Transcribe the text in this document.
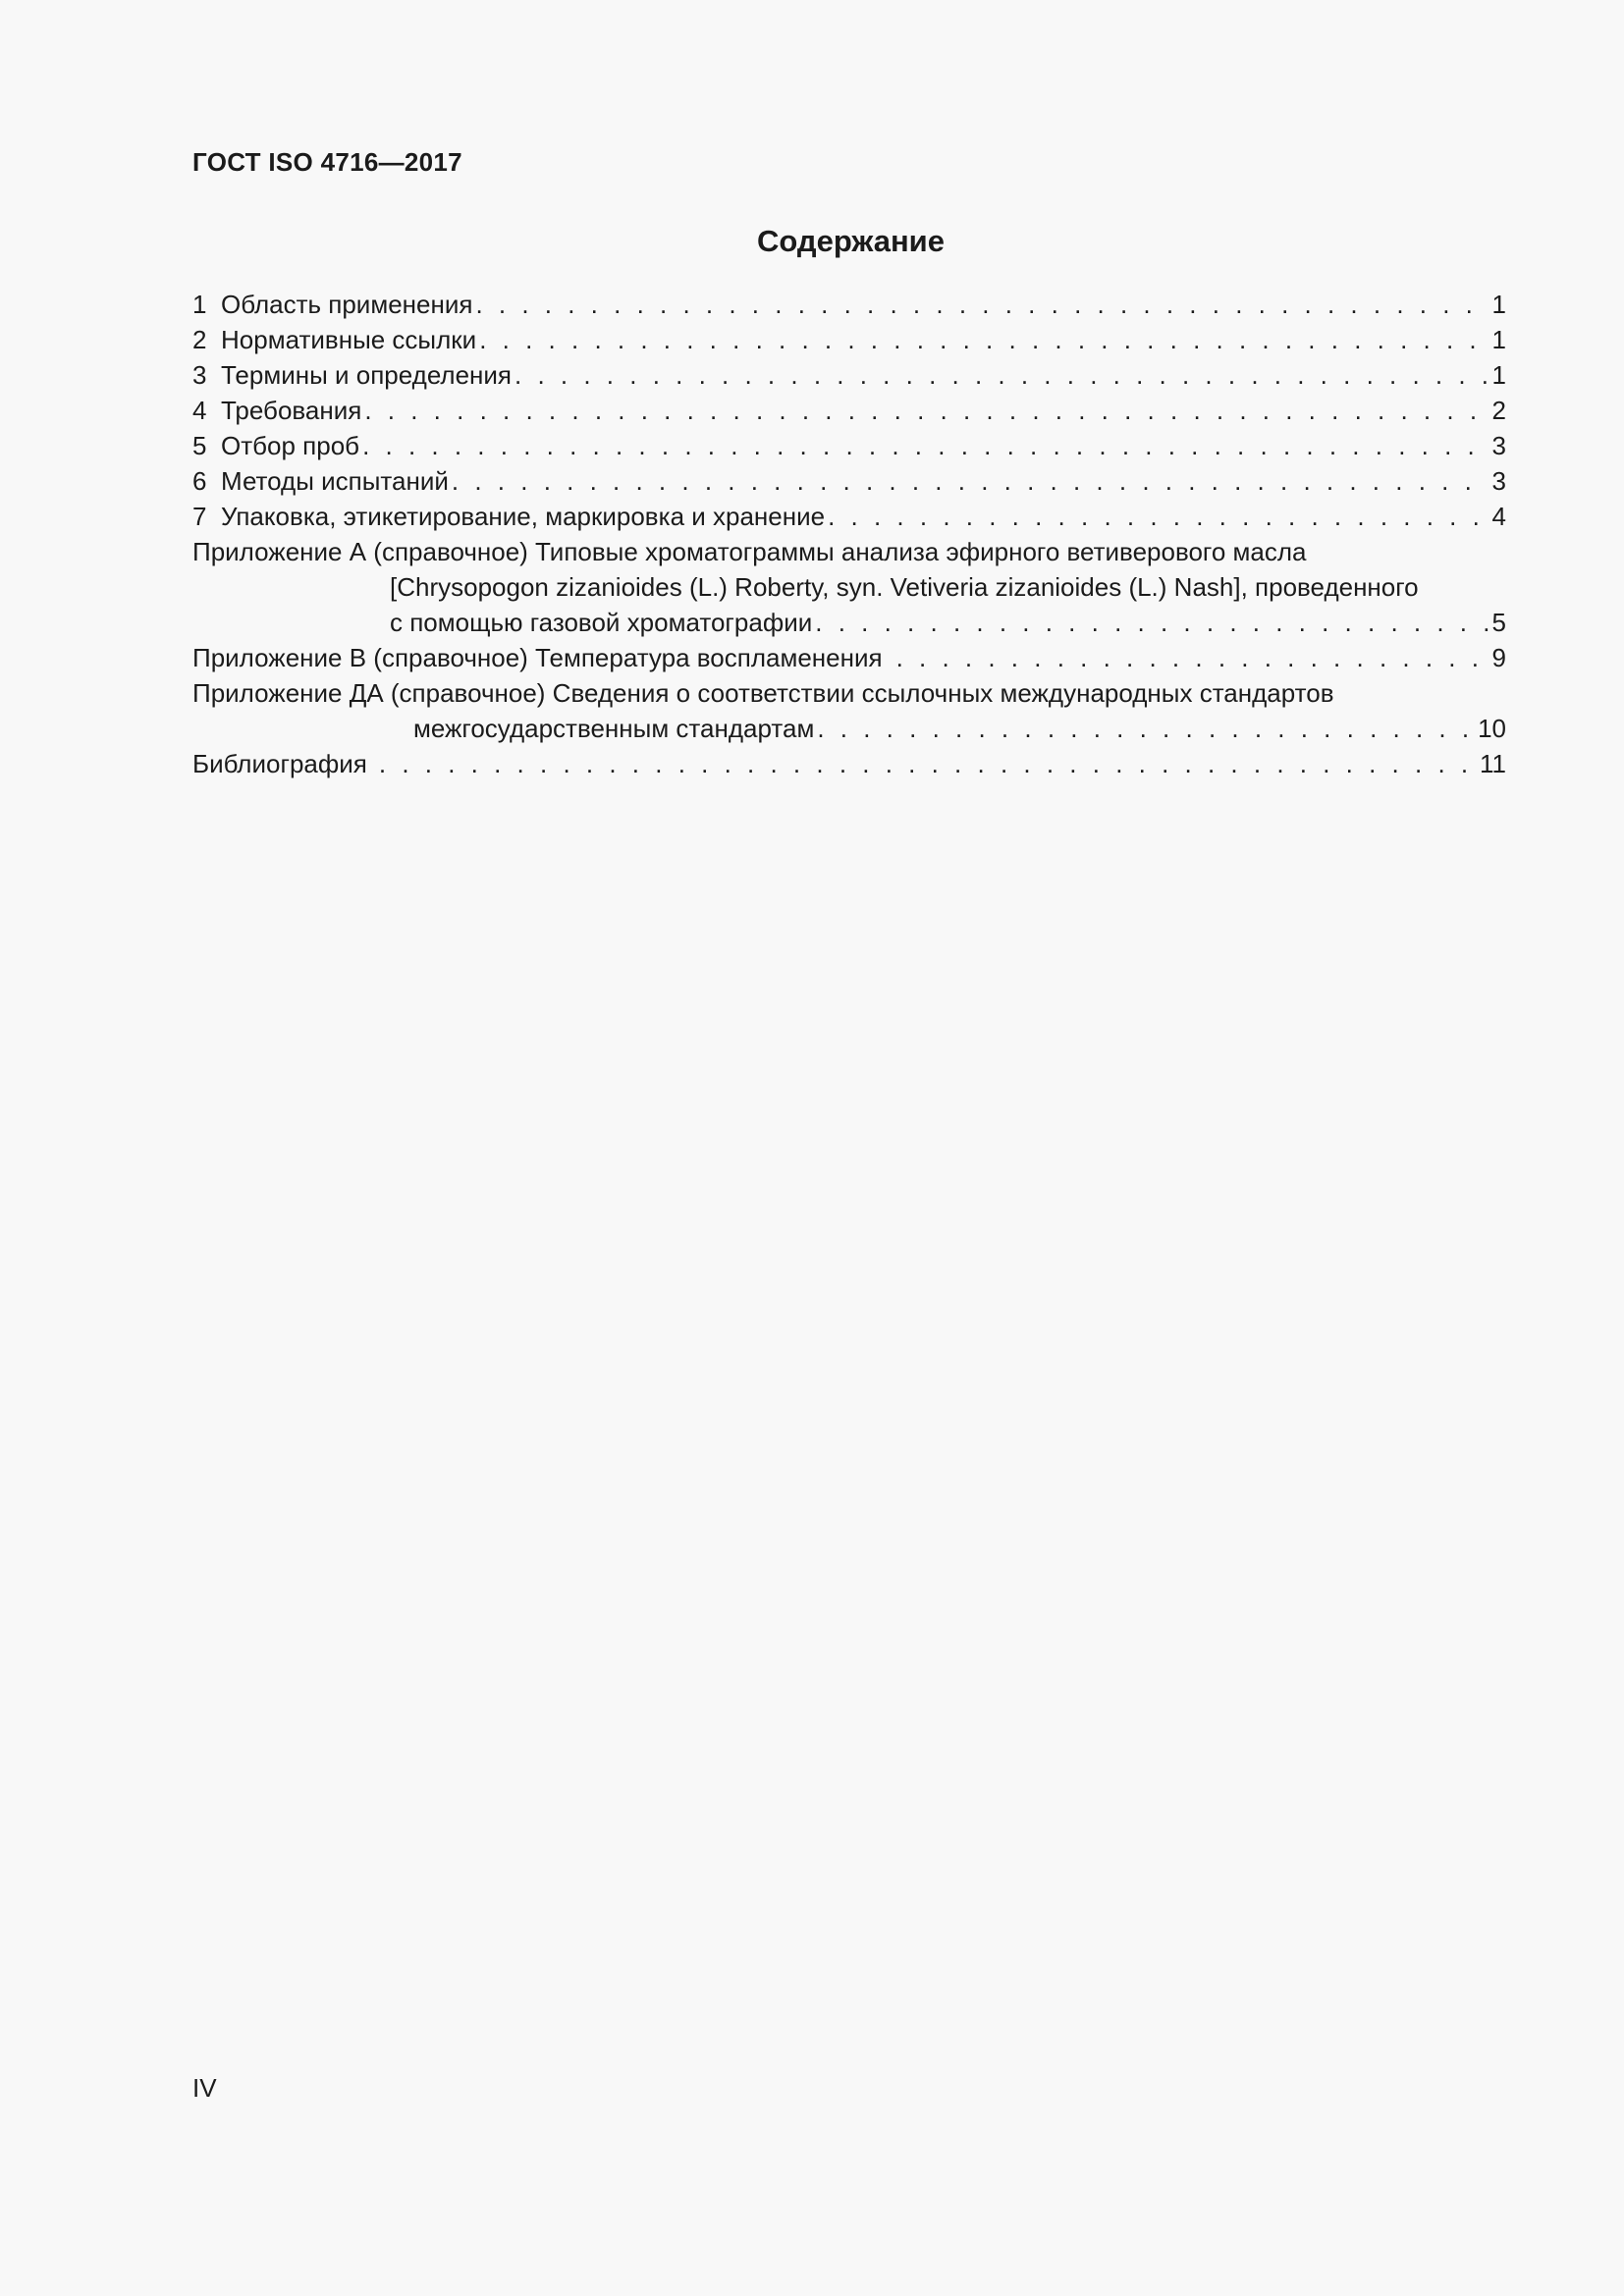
ГОСТ ISO 4716—2017
Содержание
1 Область применения . . .	1
2 Нормативные ссылки . . .	1
3 Термины и определения . . .	1
4 Требования . . .	2
5 Отбор проб . . .	3
6 Методы испытаний . . .	3
7 Упаковка, этикетирование, маркировка и хранение . . .	4
Приложение А (справочное) Типовые хроматограммы анализа эфирного ветиверового масла
[Chrysopogon zizanioides (L.) Roberty, syn. Vetiveria zizanioides (L.) Nash], проведенного
с помощью газовой хроматографии . . .	5
Приложение В (справочное) Температура воспламенения . . .	9
Приложение ДА (справочное) Сведения о соответствии ссылочных международных стандартов
межгосударственным стандартам . . .	10
Библиография . . .	11
IV
